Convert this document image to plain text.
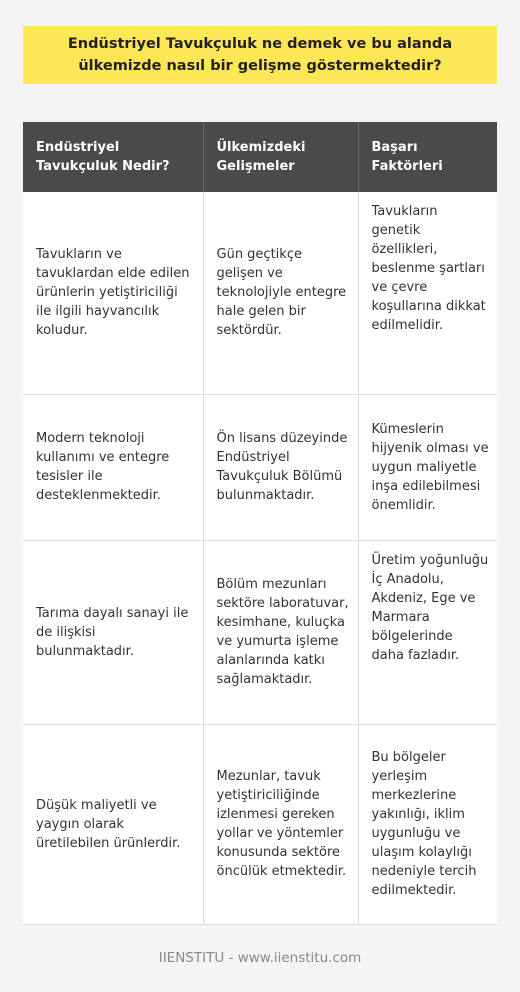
Endüstriyel Tavukçuluk ne demek ve bu alanda ülkemizde nasıl bir gelişme göstermektedir?
Endüstriyel Tavukçuluk Nedir?	Ülkemizdeki Gelişmeler	Başarı Faktörleri
Tavukların ve tavuklardan elde edilen ürünlerin yetiştiriciliği ile ilgili hayvancılık koludur.	Gün geçtikçe gelişen ve teknolojiyle entegre hale gelen bir sektördür.	Tavukların genetik özellikleri, beslenme şartları ve çevre koşullarına dikkat edilmelidir.
Modern teknoloji kullanımı ve entegre tesisler ile desteklenmektedir.	Ön lisans düzeyinde Endüstriyel Tavukçuluk Bölümü bulunmaktadır.	Kümeslerin hijyenik olması ve uygun maliyetle inşa edilebilmesi önemlidir.
Tarıma dayalı sanayi ile de ilişkisi bulunmaktadır.	Bölüm mezunları sektöre laboratuvar, kesimhane, kuluçka ve yumurta işleme alanlarında katkı sağlamaktadır.	Üretim yoğunluğu İç Anadolu, Akdeniz, Ege ve Marmara bölgelerinde daha fazladır.
Düşük maliyetli ve yaygın olarak üretilebilen ürünlerdir.	Mezunlar, tavuk yetiştiriciliğinde izlenmesi gereken yollar ve yöntemler konusunda sektöre öncülük etmektedir.	Bu bölgeler yerleşim merkezlerine yakınlığı, iklim uygunluğu ve ulaşım kolaylığı nedeniyle tercih edilmektedir.
IIENSTITU - www.iienstitu.com
